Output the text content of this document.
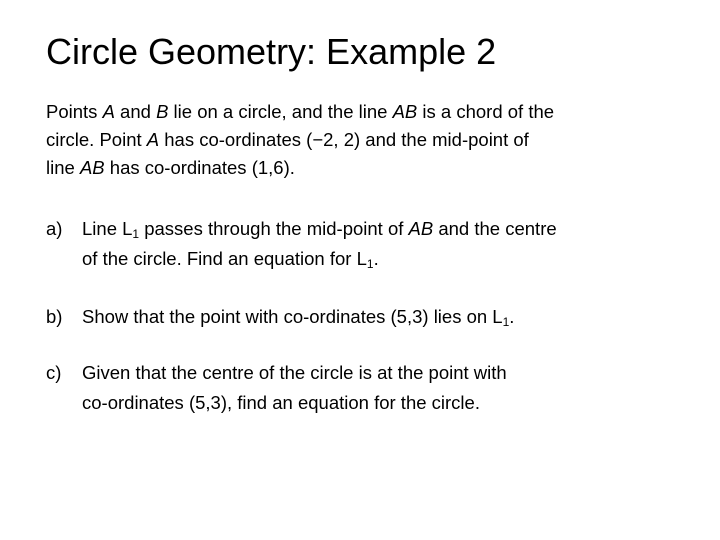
Circle Geometry: Example 2
Points A and B lie on a circle, and the line AB is a chord of the
circle. Point A has co-ordinates (−2, 2) and the mid-point of
line AB has co-ordinates (1,6).
a) Line $L_1$ passes through the mid-point of AB and the centre
of the circle. Find an equation for $L_1$.
b) Show that the point with co-ordinates (5,3) lies on $L_1$.
c) Given that the centre of the circle is at the point with
co-ordinates (5,3), find an equation for the circle.
